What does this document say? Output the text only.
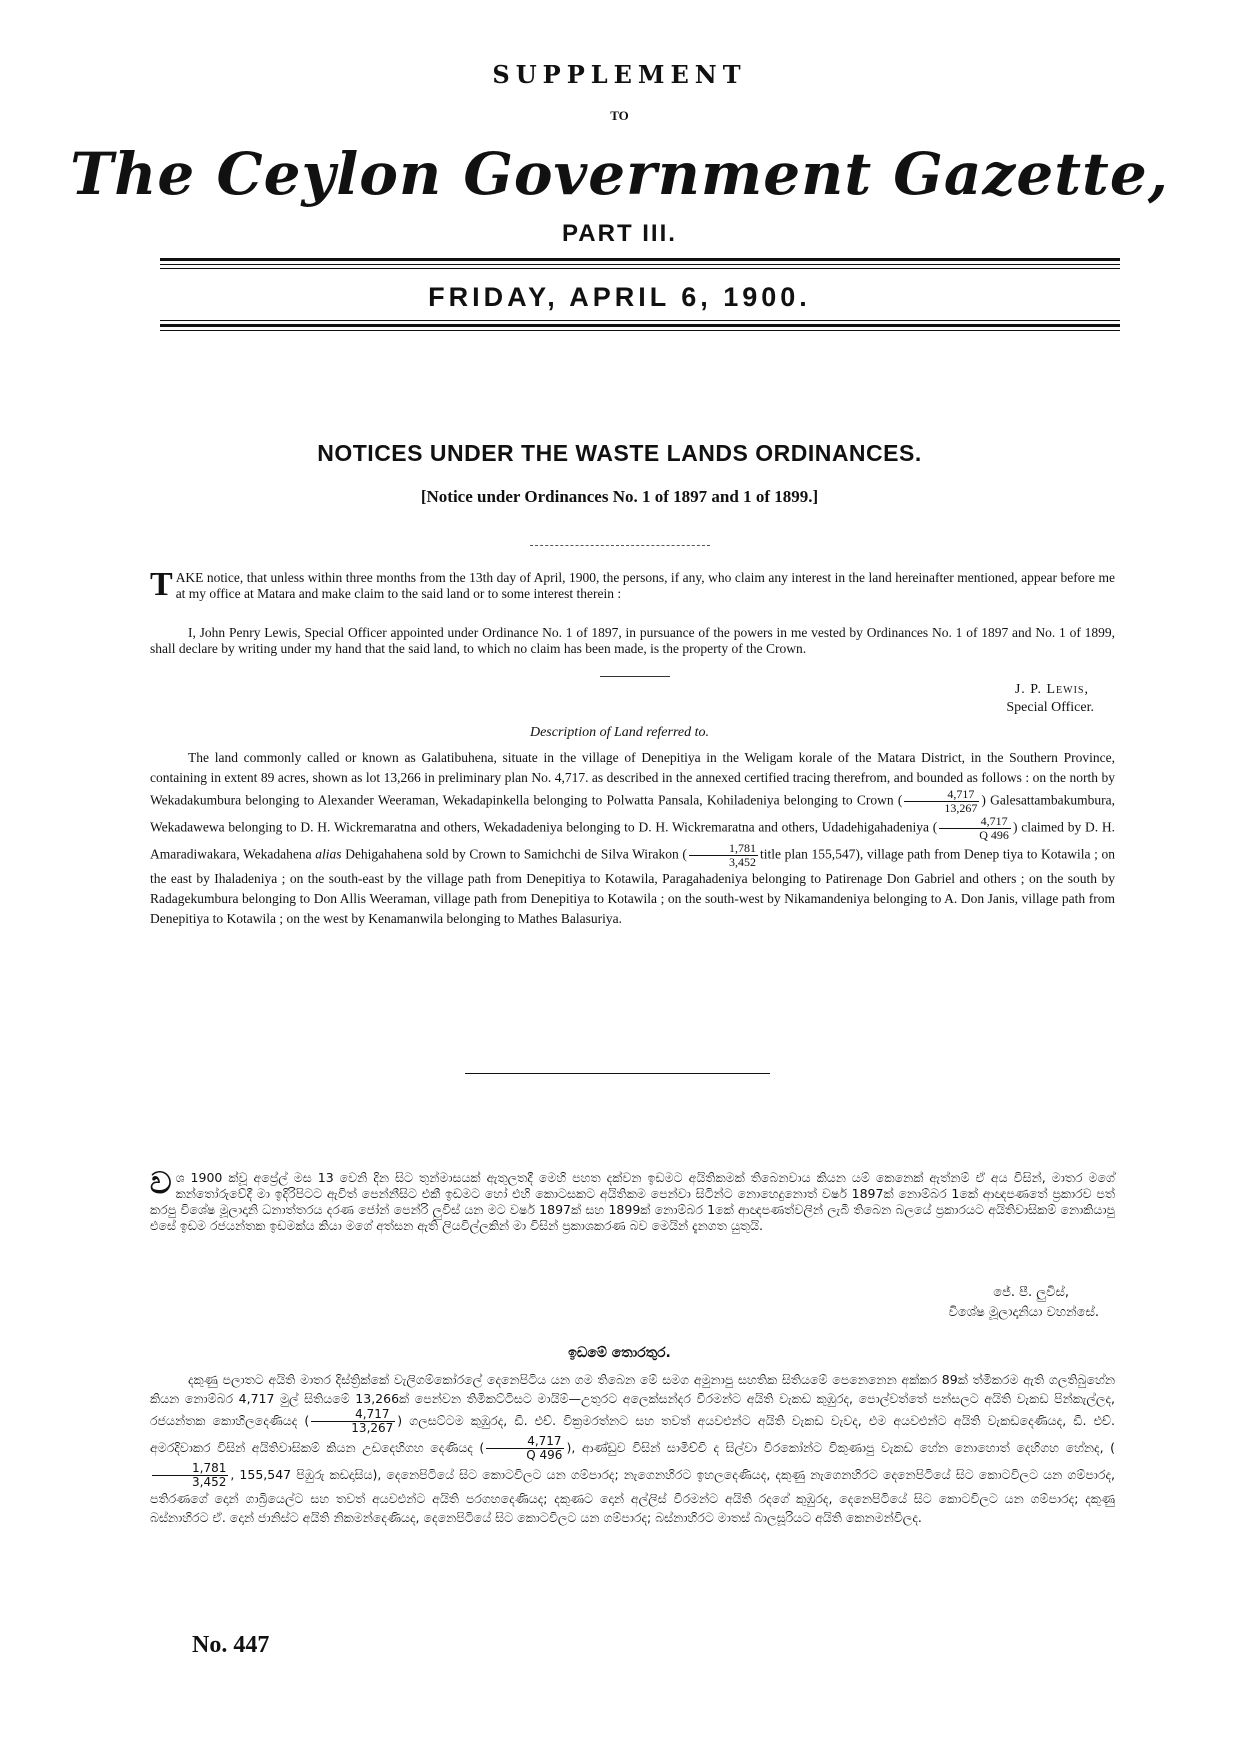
SUPPLEMENT
TO
The Ceylon Government Gazette,
PART III.
FRIDAY, APRIL 6, 1900.
NOTICES UNDER THE WASTE LANDS ORDINANCES.
[Notice under Ordinances No. 1 of 1897 and 1 of 1899.]
TAKE notice, that unless within three months from the 13th day of April, 1900, the persons, if any, who claim any interest in the land hereinafter mentioned, appear before me at my office at Matara and make claim to the said land or to some interest therein :
I, John Penry Lewis, Special Officer appointed under Ordinance No. 1 of 1897, in pursuance of the powers in me vested by Ordinances No. 1 of 1897 and No. 1 of 1899, shall declare by writing under my hand that the said land, to which no claim has been made, is the property of the Crown.
J. P. Lewis,
Special Officer.
Description of Land referred to.
The land commonly called or known as Galatibuhena, situate in the village of Denepitiya in the Weligam korale of the Matara District, in the Southern Province, containing in extent 89 acres, shown as lot 13,266 in preliminary plan No. 4,717. as described in the annexed certified tracing therefrom, and bounded as follows : on the north by Wekadakumbura belonging to Alexander Weeraman, Wekadapinkella belonging to Polwatta Pansala, Kohiladeniya belonging to Crown ( $\frac{4,717}{13,267}$ ) Galesattambakumbura, Wekadawewa belonging to D. H. Wickremaratna and others, Wekadadeniya belonging to D. H. Wickremaratna and others, Udadehigahadeniya ( $\frac{4,717}{Q 496}$ ) claimed by D. H. Amaradiwakara, Wekadahena alias Dehigahahena sold by Crown to Samichchi de Silva Wirakon ( $\frac{1,781}{3,452}$ title plan 155,547), village path from Denep tiya to Kotawila ; on the east by Ihaladeniya ; on the south-east by the village path from Denepitiya to Kotawila, Paragahadeniya belonging to Patirenage Don Gabriel and others ; on the south by Radagekumbura belonging to Don Allis Weeraman, village path from Denepitiya to Kotawila ; on the south-west by Nikamandeniya belonging to A. Don Janis, village path from Denepitiya to Kotawila ; on the west by Kenamanwila belonging to Mathes Balasuriya.
වශ 1900 ක්වූ අප්‍රේල් මස 13 වෙනි දින සිට තුන්මාසයක් ඇතුලතදී මෙහි පහත දක්වන ඉඩමට අයිතිකමක් තිබෙනවාය කියන යම් කෙනෙක් ඇත්නම් ඒ අය විසින්, මාතර මගේ කන්තෝරුවේදී මා ඉදිරිපිටට ඇවිත් පෙන්නීසිට එකී ඉඩමට හෝ එහි කොටසකට අයිතිකම පෙන්වා සිටින්ට නොහෙදුනොත් වර්ෂ 1897ක් නොම්බර 1කේ ආඥපණතේ ප්‍රකාරව පත් කරපු විශේෂ මූලාදෘනි ධනාත්තරය දරණ ජෝන් පෙන්රි ලුවිස් යන මට වර්ෂ 1897ක් සහ 1899ක් නොම්බර 1කේ ආඥපණත්වලින් ලැබී තිබෙන බලයේ ප්‍රකාරයට අයිතිවාසිකම් නොකියාපු එසේ ඉඩම රජයන්තක ඉඩමක්ය කියා මගේ අත්සන ඇති ලියවිල්ලකින් මා විසින් ප්‍රකාශකරණ බව මෙයින් දැනගත යුතුයි.
ජේ. පී. ලුවිස්,
විශේෂ මූලාදෘනියා වහන්සේ.
ඉඩමේ තොරතුර.
දකුණු පලාතට අයිති මාතර දිස්ත්‍රික්කේ වැලිගම්කෝරලේ දෙනෙපිටිය යන ගම තිබෙන මේ සමග අමුනාපු සහතික සිතියමේ පෙනෙනෙන අක්කර 89ක් ත්මිකරම ඇති ගලතිබුහේන කියන නොම්බර 4,717 මුල් සිතියමේ 13,266ක් පෙන්වන තිමිකට්ටිසට මායිම්—උතුරට අලෙක්සන්දර වීරමන්ට අයිති වැකඩ කුඹුරද, පොල්වත්තේ පන්සලට අයිති වැකඩ පින්කැල්ලද, රජයන්තක කොහිලදෙණියද ( $\frac{4,717}{13,267}$ ) ගලසට්ටම කුඹුරද, ඩී. එච්. වික්‍රමරත්නට සහ තවත් අයවළුන්ට අයිති වැකඩ වැවද, එම අයවළුන්ට අයිති වැකඩදෙණියද, ඩී. එච්. අමරදිවාකර විසින් අයිතිවාසිකම් කියන උඩදෙහිගහ දෙණියද ( $\frac{4,717}{Q 496}$ ), ආණ්ඩුව විසින් සාමිච්චි ද සිල්වා වීරකෝන්ට විකුණාපු වැකඩ හේන නොහොත් දෙහිගහ හේනද, (
$\frac{1,781}{3,452}$ , 155,547 පිඹුරු කඩදාසිය), දෙනෙපිටියේ සිට කොටවිලට යන ගම්පාරද; නැගෙනහිරට ඉහලදෙණියද, දකුණු නැගෙනහිරට දෙනෙපිටියේ සිට කොටවිලට යන ගම්පාරද, පතිරණගේ දොන් ගාබ්‍රියෙල්ට සහ තවත් අයවළුන්ට අයිති පරගහදෙණියද; දකුණට දොන් අල්ලිස් වීරමන්ට අයිති රදගේ කුඹුරද, දෙනෙපිටියේ සිට කොටවිලට යන ගම්පාරද; දකුණු බස්නාහිරට ඒ. දොන් ජානිස්ට අයිති නිකමන්දෙණියද, දෙනෙපිටියේ සිට කොටවිලට යන ගම්පාරද; බස්නාහිරට මාතස් බාලසූරියට අයිති කෙනමන්විලද.
No. 447
